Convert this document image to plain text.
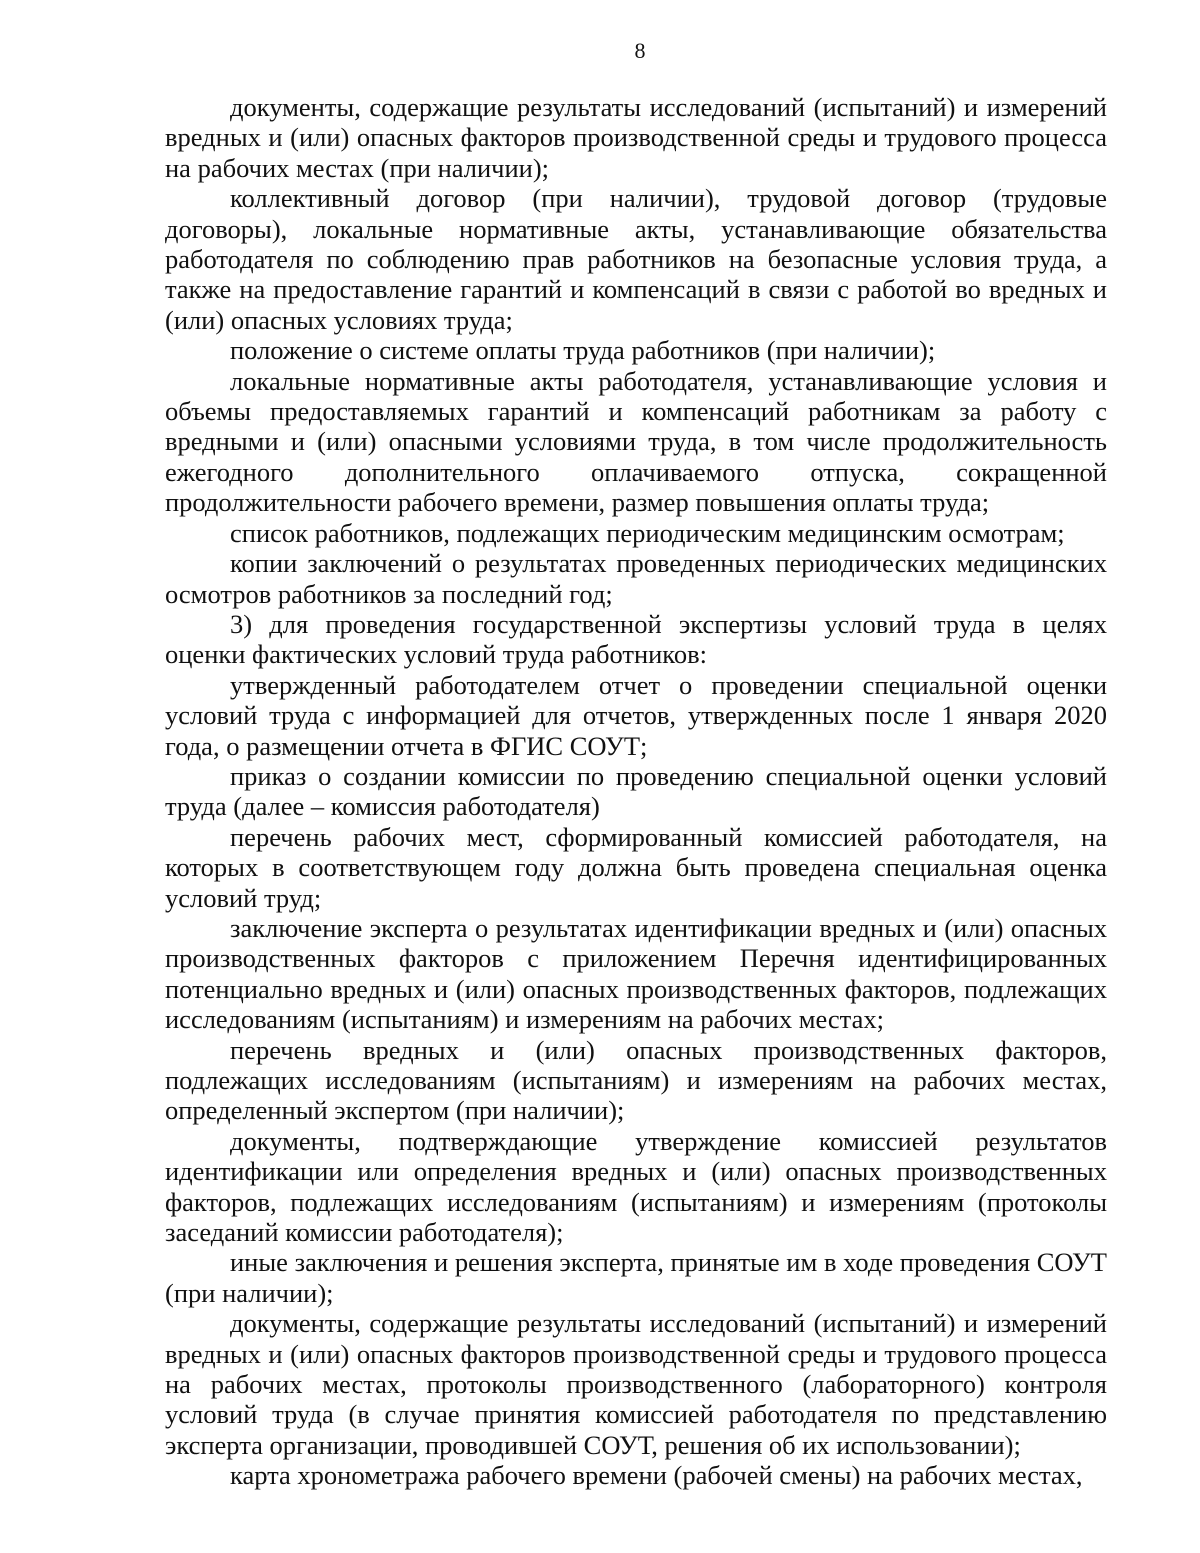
8

документы, содержащие результаты исследований (испытаний) и измерений вредных и (или) опасных факторов производственной среды и трудового процесса на рабочих местах (при наличии);

коллективный договор (при наличии), трудовой договор (трудовые договоры), локальные нормативные акты, устанавливающие обязательства работодателя по соблюдению прав работников на безопасные условия труда, а также на предоставление гарантий и компенсаций в связи с работой во вредных и (или) опасных условиях труда;

положение о системе оплаты труда работников (при наличии);

локальные нормативные акты работодателя, устанавливающие условия и объемы предоставляемых гарантий и компенсаций работникам за работу с вредными и (или) опасными условиями труда, в том числе продолжительность ежегодного дополнительного оплачиваемого отпуска, сокращенной продолжительности рабочего времени, размер повышения оплаты труда;

список работников, подлежащих периодическим медицинским осмотрам;

копии заключений о результатах проведенных периодических медицинских осмотров работников за последний год;

3) для проведения государственной экспертизы условий труда в целях оценки фактических условий труда работников:

утвержденный работодателем отчет о проведении специальной оценки условий труда с информацией для отчетов, утвержденных после 1 января 2020 года, о размещении отчета в ФГИС СОУТ;

приказ о создании комиссии по проведению специальной оценки условий труда (далее – комиссия работодателя)

перечень рабочих мест, сформированный комиссией работодателя, на которых в соответствующем году должна быть проведена специальная оценка условий труд;

заключение эксперта о результатах идентификации вредных и (или) опасных производственных факторов с приложением Перечня идентифицированных потенциально вредных и (или) опасных производственных факторов, подлежащих исследованиям (испытаниям) и измерениям на рабочих местах;

перечень вредных и (или) опасных производственных факторов, подлежащих исследованиям (испытаниям) и измерениям на рабочих местах, определенный экспертом (при наличии);

документы, подтверждающие утверждение комиссией результатов идентификации или определения вредных и (или) опасных производственных факторов, подлежащих исследованиям (испытаниям) и измерениям (протоколы заседаний комиссии работодателя);

иные заключения и решения эксперта, принятые им в ходе проведения СОУТ (при наличии);

документы, содержащие результаты исследований (испытаний) и измерений вредных и (или) опасных факторов производственной среды и трудового процесса на рабочих местах, протоколы производственного (лабораторного) контроля условий труда (в случае принятия комиссией работодателя по представлению эксперта организации, проводившей СОУТ, решения об их использовании);

карта хронометража рабочего времени (рабочей смены) на рабочих местах,
